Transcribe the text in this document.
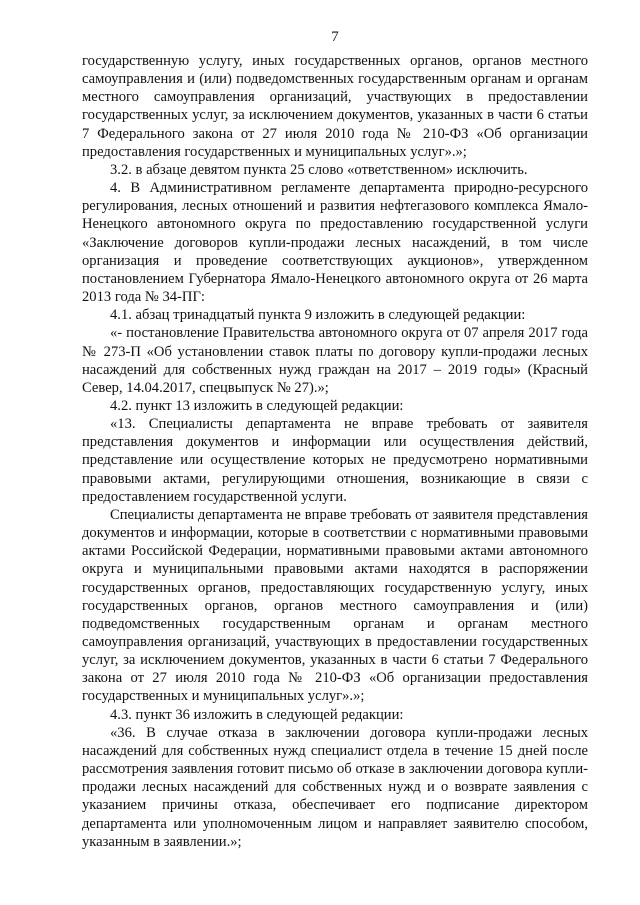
7

государственную услугу, иных государственных органов, органов местного самоуправления и (или) подведомственных государственным органам и органам местного самоуправления организаций, участвующих в предоставлении государственных услуг, за исключением документов, указанных в части 6 статьи 7 Федерального закона от 27 июля 2010 года № 210-ФЗ «Об организации предоставления государственных и муниципальных услуг».»;

3.2. в абзаце девятом пункта 25 слово «ответственном» исключить.

4. В Административном регламенте департамента природно-ресурсного регулирования, лесных отношений и развития нефтегазового комплекса Ямало-Ненецкого автономного округа по предоставлению государственной услуги «Заключение договоров купли-продажи лесных насаждений, в том числе организация и проведение соответствующих аукционов», утвержденном постановлением Губернатора Ямало-Ненецкого автономного округа от 26 марта 2013 года № 34-ПГ:

4.1. абзац тринадцатый пункта 9 изложить в следующей редакции:

«- постановление Правительства автономного округа от 07 апреля 2017 года № 273-П «Об установлении ставок платы по договору купли-продажи лесных насаждений для собственных нужд граждан на 2017 – 2019 годы» (Красный Север, 14.04.2017, спецвыпуск № 27).»;

4.2. пункт 13 изложить в следующей редакции:

«13. Специалисты департамента не вправе требовать от заявителя представления документов и информации или осуществления действий, представление или осуществление которых не предусмотрено нормативными правовыми актами, регулирующими отношения, возникающие в связи с предоставлением государственной услуги.

Специалисты департамента не вправе требовать от заявителя представления документов и информации, которые в соответствии с нормативными правовыми актами Российской Федерации, нормативными правовыми актами автономного округа и муниципальными правовыми актами находятся в распоряжении государственных органов, предоставляющих государственную услугу, иных государственных органов, органов местного самоуправления и (или) подведомственных государственным органам и органам местного самоуправления организаций, участвующих в предоставлении государственных услуг, за исключением документов, указанных в части 6 статьи 7 Федерального закона от 27 июля 2010 года № 210-ФЗ «Об организации предоставления государственных и муниципальных услуг».»;

4.3. пункт 36 изложить в следующей редакции:

«36. В случае отказа в заключении договора купли-продажи лесных насаждений для собственных нужд специалист отдела в течение 15 дней после рассмотрения заявления готовит письмо об отказе в заключении договора купли-продажи лесных насаждений для собственных нужд и о возврате заявления с указанием причины отказа, обеспечивает его подписание директором департамента или уполномоченным лицом и направляет заявителю способом, указанным в заявлении.»;
